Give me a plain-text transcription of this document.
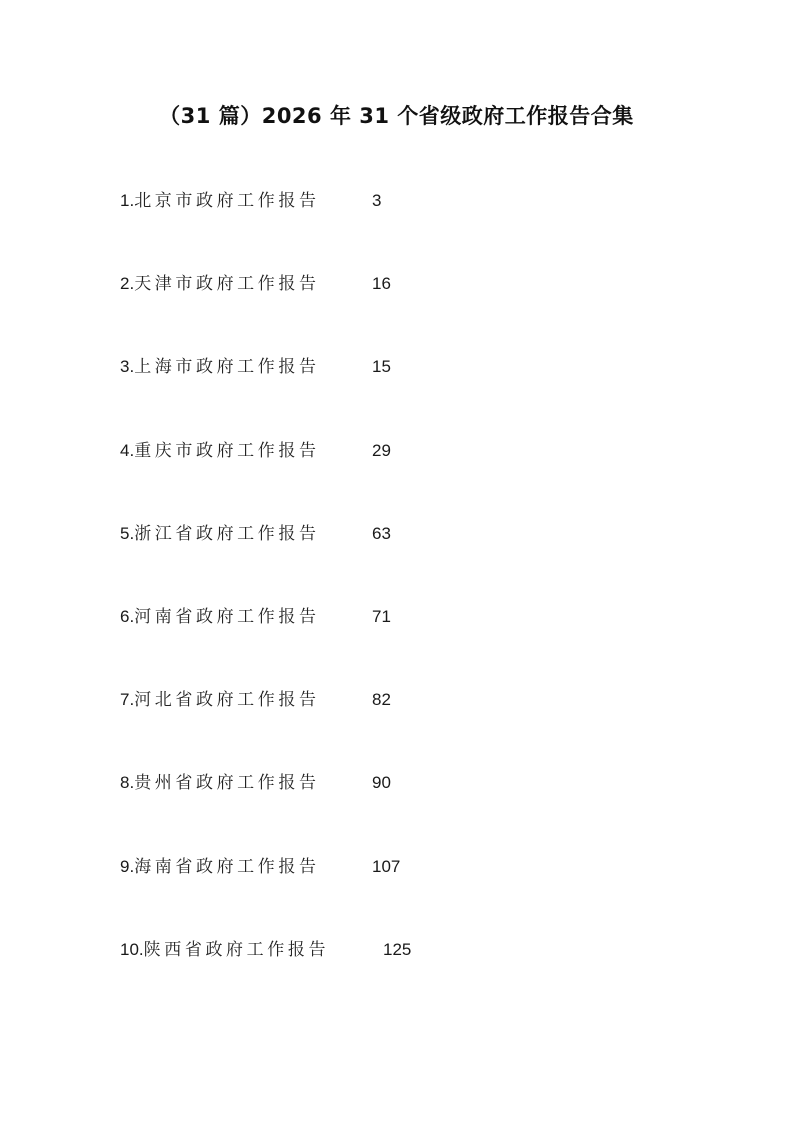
（31 篇）2026 年 31 个省级政府工作报告合集
1.北京市政府工作报告	3
2.天津市政府工作报告	16
3.上海市政府工作报告	15
4.重庆市政府工作报告	29
5.浙江省政府工作报告	63
6.河南省政府工作报告	71
7.河北省政府工作报告	82
8.贵州省政府工作报告	90
9.海南省政府工作报告	107
10.陕西省政府工作报告	125
